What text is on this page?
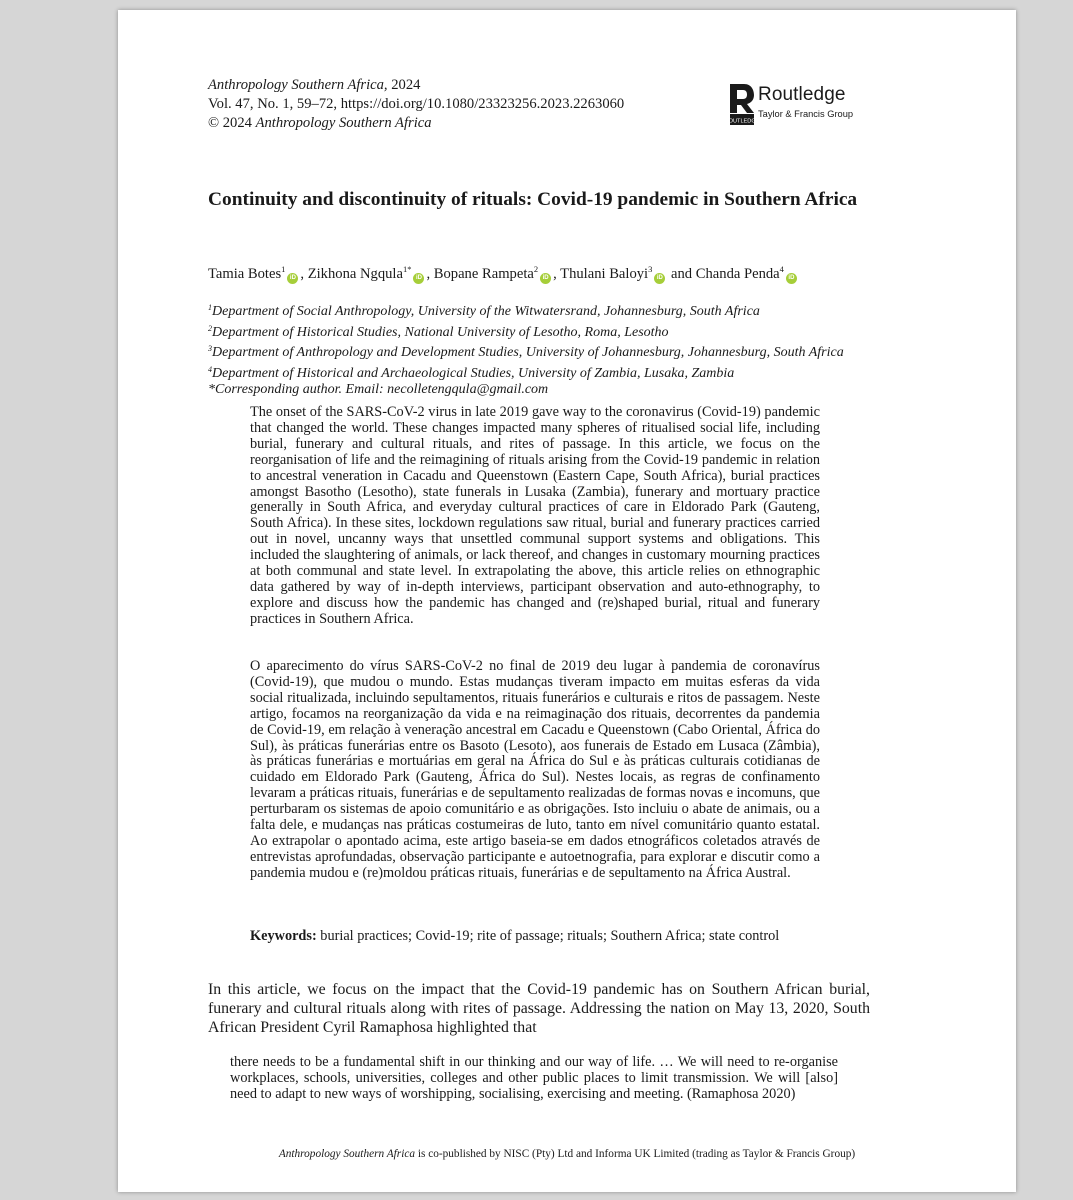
Anthropology Southern Africa, 2024
Vol. 47, No. 1, 59–72, https://doi.org/10.1080/23323256.2023.2263060
© 2024 Anthropology Southern Africa	ROUTLEDGE
Routledge
Taylor & Francis Group
Continuity and discontinuity of rituals: Covid-19 pandemic in Southern Africa
Tamia Botes$^1$iD , Zikhona Ngqula$^{1*}$iD , Bopane Rampeta$^2$iD , Thulani Baloyi$^3$iD and Chanda Penda$^4$iD
$^1$Department of Social Anthropology, University of the Witwatersrand, Johannesburg, South Africa
$^2$Department of Historical Studies, National University of Lesotho, Roma, Lesotho
$^3$Department of Anthropology and Development Studies, University of Johannesburg, Johannesburg, South Africa
$^4$Department of Historical and Archaeological Studies, University of Zambia, Lusaka, Zambia
*Corresponding author. Email: necolletengqula@gmail.com

The onset of the SARS-CoV-2 virus in late 2019 gave way to the coronavirus (Covid-19) pandemic that changed the world. These changes impacted many spheres of ritualised social life, including burial, funerary and cultural rituals, and rites of passage. In this article, we focus on the reorganisation of life and the reimagining of rituals arising from the Covid-19 pandemic in relation to ancestral veneration in Cacadu and Queenstown (Eastern Cape, South Africa), burial practices amongst Basotho (Lesotho), state funerals in Lusaka (Zambia), funerary and mortuary practice generally in South Africa, and everyday cultural practices of care in Eldorado Park (Gauteng, South Africa). In these sites, lockdown regulations saw ritual, burial and funerary practices carried out in novel, uncanny ways that unsettled communal support systems and obligations. This included the slaughtering of animals, or lack thereof, and changes in customary mourning practices at both communal and state level. In extrapolating the above, this article relies on ethnographic data gathered by way of in-depth interviews, participant observation and auto-ethnography, to explore and discuss how the pandemic has changed and (re)shaped burial, ritual and funerary practices in Southern Africa.

O aparecimento do vírus SARS-CoV-2 no final de 2019 deu lugar à pandemia de coronavírus (Covid-19), que mudou o mundo. Estas mudanças tiveram impacto em muitas esferas da vida social ritualizada, incluindo sepultamentos, rituais funerários e culturais e ritos de passagem. Neste artigo, focamos na reorganização da vida e na reimaginação dos rituais, decorrentes da pandemia de Covid-19, em relação à veneração ancestral em Cacadu e Queenstown (Cabo Oriental, África do Sul), às práticas funerárias entre os Basoto (Lesoto), aos funerais de Estado em Lusaca (Zâmbia), às práticas funerárias e mortuárias em geral na África do Sul e às práticas culturais cotidianas de cuidado em Eldorado Park (Gauteng, África do Sul). Nestes locais, as regras de confinamento levaram a práticas rituais, funerárias e de sepultamento realizadas de formas novas e incomuns, que perturbaram os sistemas de apoio comunitário e as obrigações. Isto incluiu o abate de animais, ou a falta dele, e mudanças nas práticas costumeiras de luto, tanto em nível comunitário quanto estatal. Ao extrapolar o apontado acima, este artigo baseia-se em dados etnográficos coletados através de entrevistas aprofundadas, observação participante e autoetnografia, para explorar e discutir como a pandemia mudou e (re)moldou práticas rituais, funerárias e de sepultamento na África Austral.

Keywords: burial practices; Covid-19; rite of passage; rituals; Southern Africa; state control

In this article, we focus on the impact that the Covid-19 pandemic has on Southern African burial, funerary and cultural rituals along with rites of passage. Addressing the nation on May 13, 2020, South African President Cyril Ramaphosa highlighted that

there needs to be a fundamental shift in our thinking and our way of life. … We will need to re-organise workplaces, schools, universities, colleges and other public places to limit transmission. We will [also] need to adapt to new ways of worshipping, socialising, exercising and meeting. (Ramaphosa 2020)

Anthropology Southern Africa is co-published by NISC (Pty) Ltd and Informa UK Limited (trading as Taylor & Francis Group)
